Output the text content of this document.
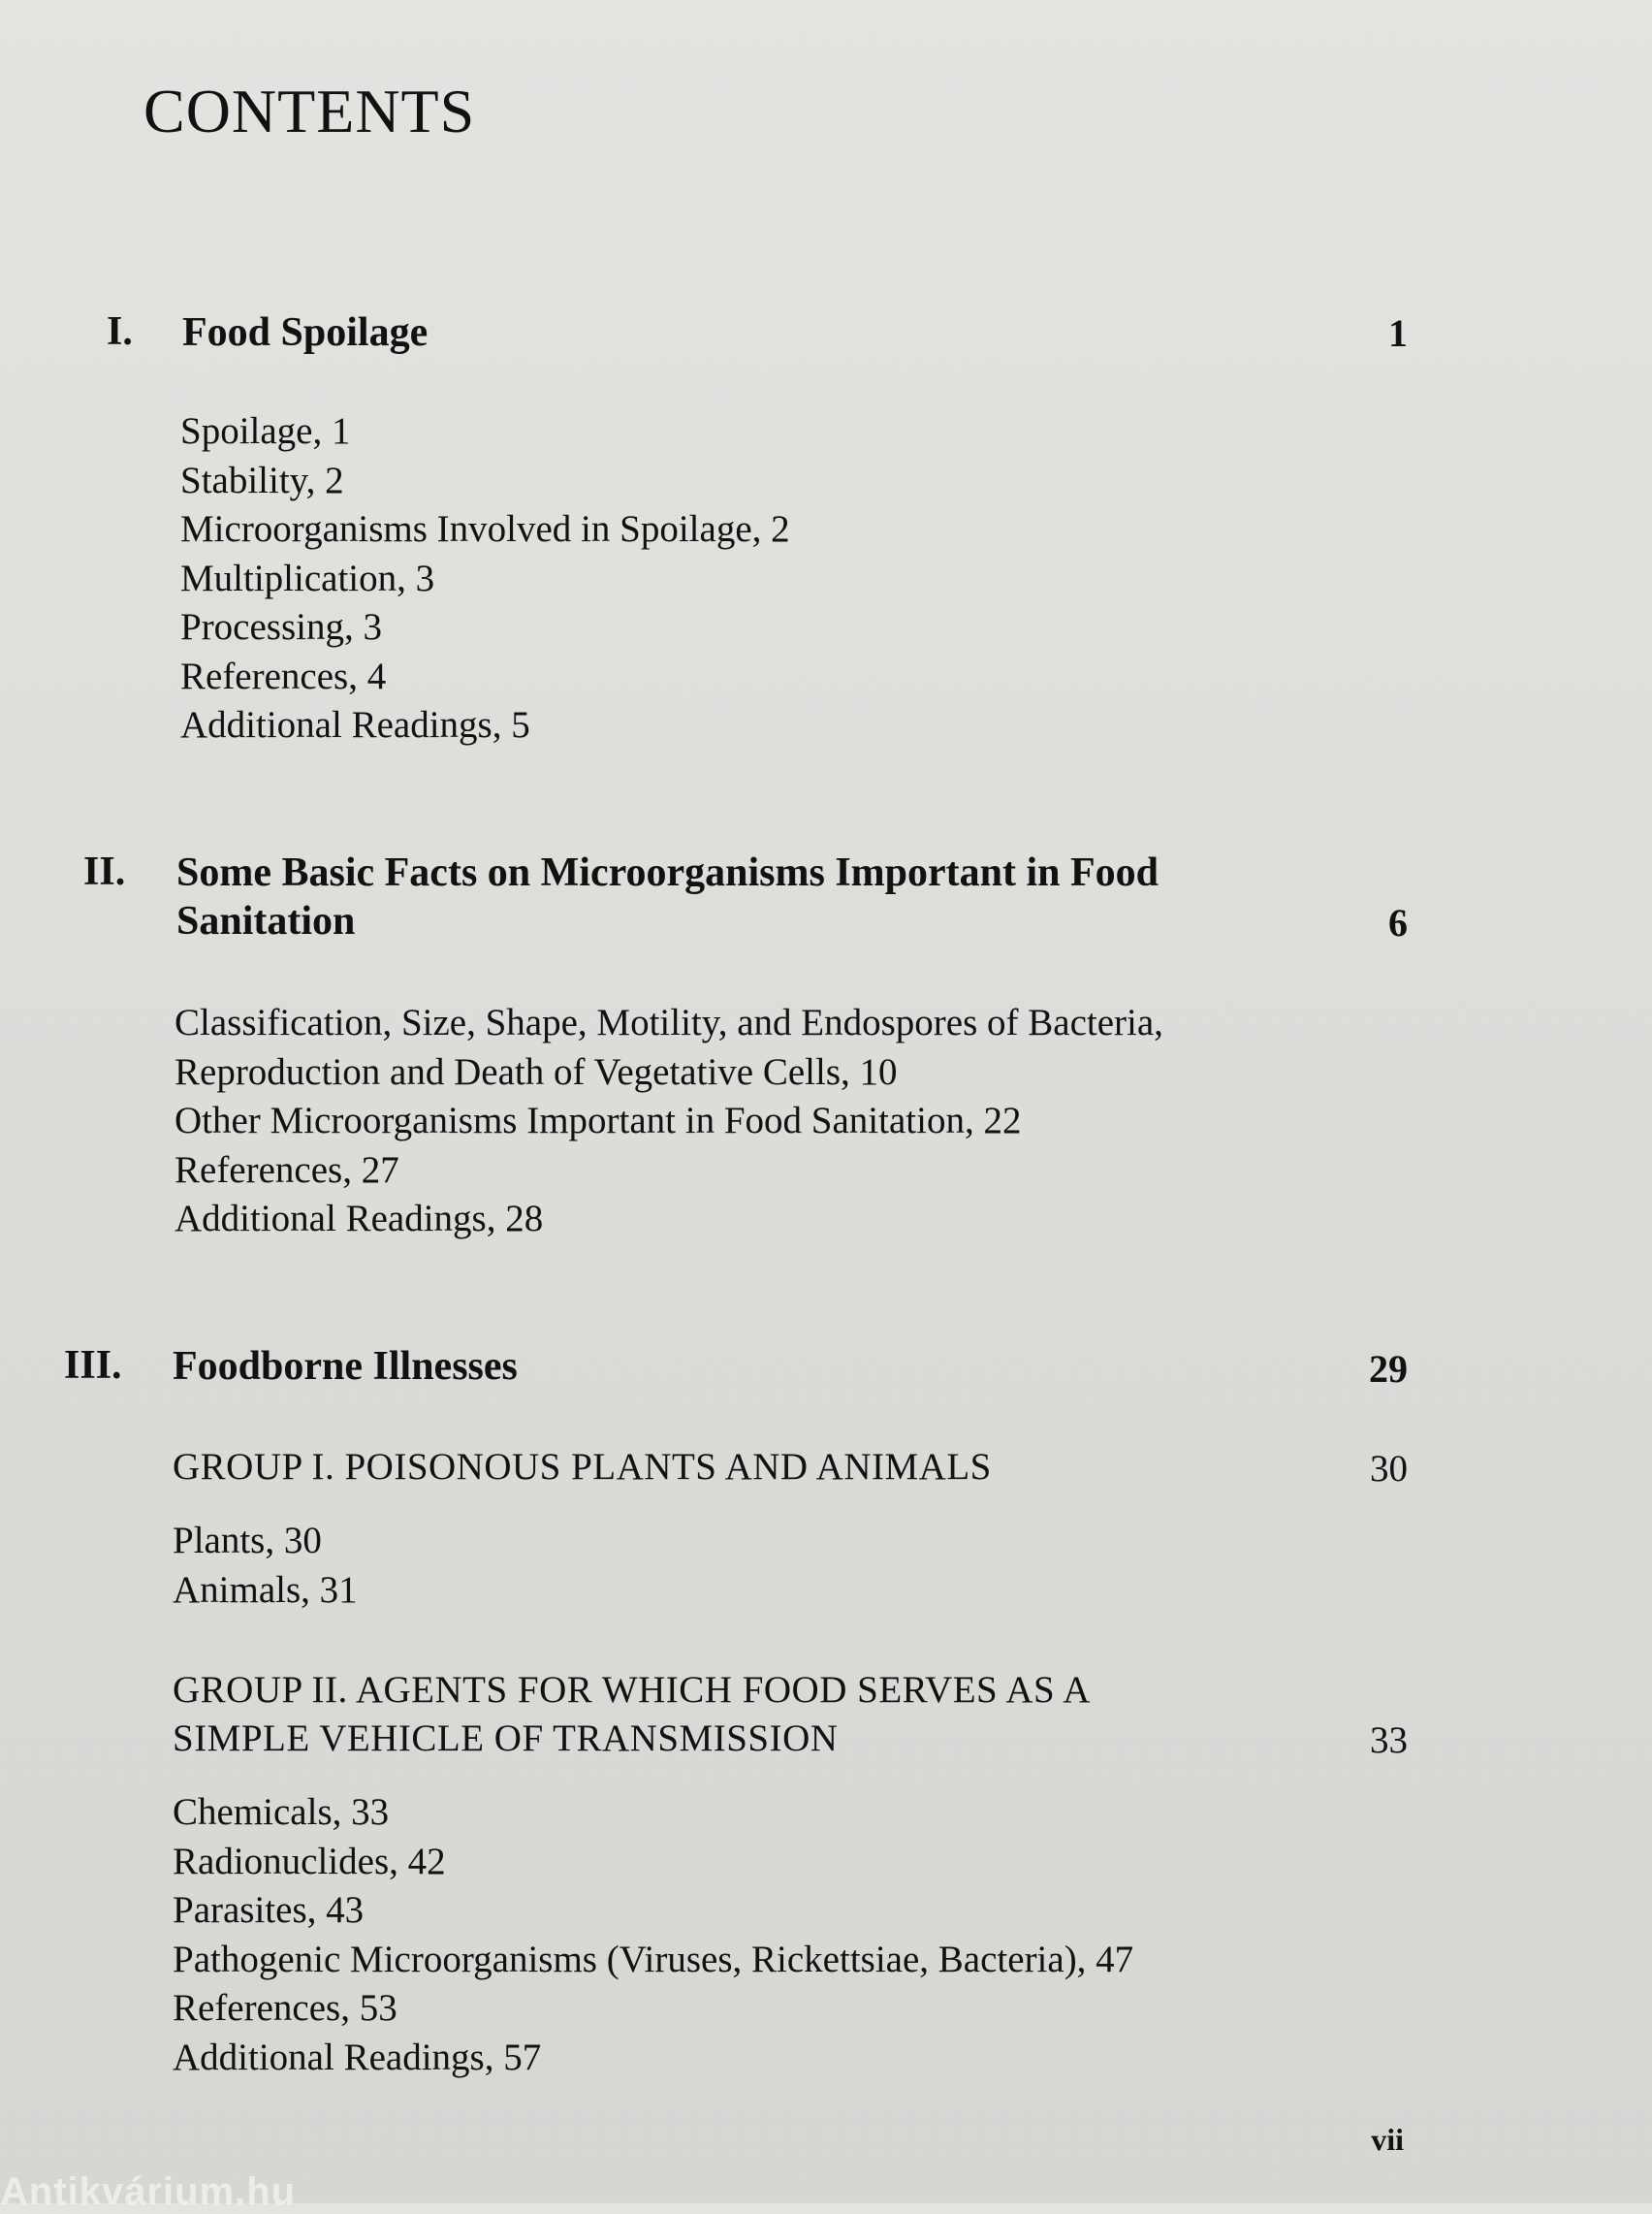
CONTENTS
I. Food Spoilage	1
Spoilage, 1
Stability, 2
Microorganisms Involved in Spoilage, 2
Multiplication, 3
Processing, 3
References, 4
Additional Readings, 5
II. Some Basic Facts on Microorganisms Important in Food
Sanitation	6
Classification, Size, Shape, Motility, and Endospores of Bacteria,
Reproduction and Death of Vegetative Cells, 10
Other Microorganisms Important in Food Sanitation, 22
References, 27
Additional Readings, 28
III. Foodborne Illnesses	29
GROUP I. POISONOUS PLANTS AND ANIMALS	30
Plants, 30
Animals, 31
GROUP II. AGENTS FOR WHICH FOOD SERVES AS A
SIMPLE VEHICLE OF TRANSMISSION	33
Chemicals, 33
Radionuclides, 42
Parasites, 43
Pathogenic Microorganisms (Viruses, Rickettsiae, Bacteria), 47
References, 53
Additional Readings, 57
vii
Antikvárium.hu
